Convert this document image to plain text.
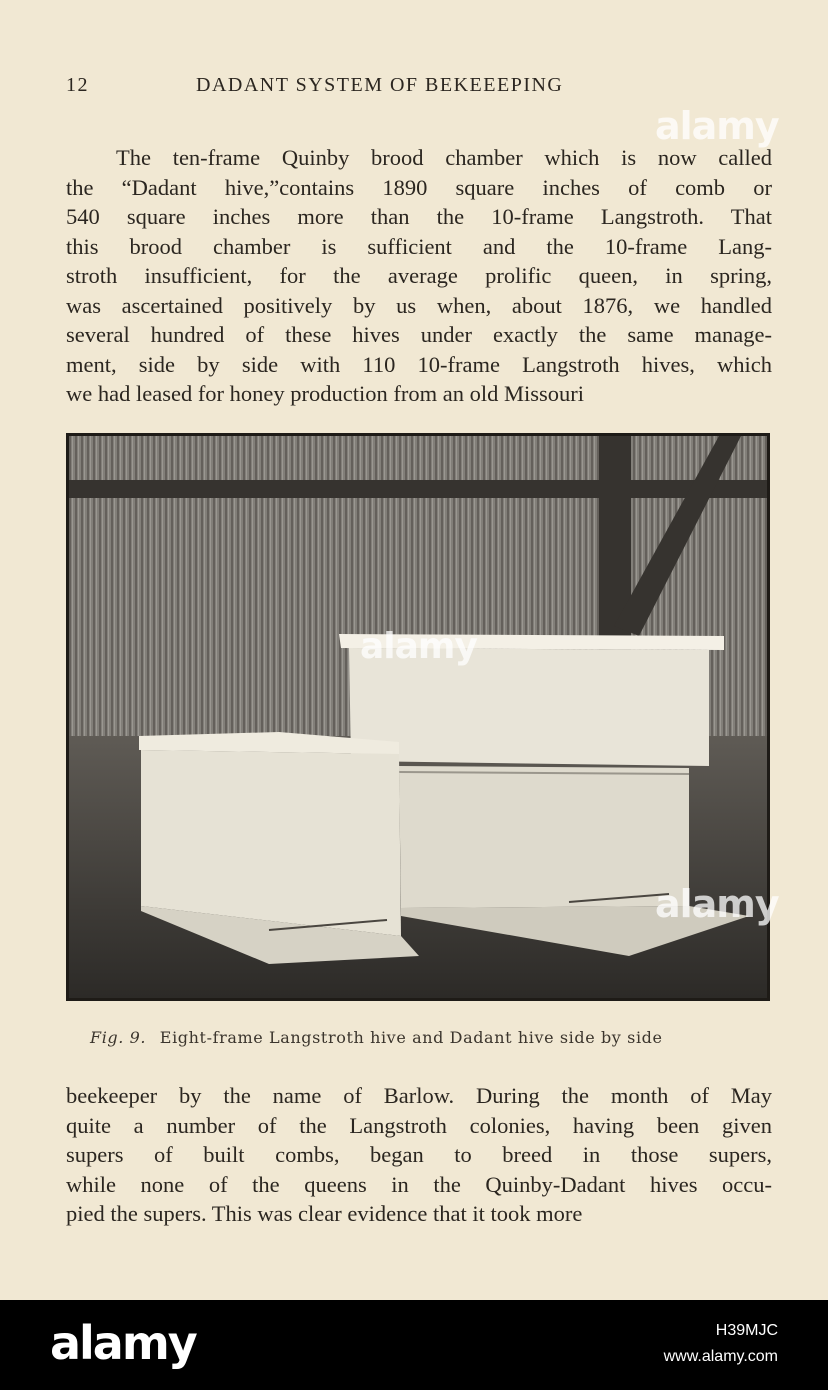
12	DADANT SYSTEM OF BEKEEEPING
The ten-frame Quinby brood chamber which is now called
the “Dadant hive,”contains 1890 square inches of comb or
540 square inches more than the 10-frame Langstroth. That
this brood chamber is sufficient and the 10-frame Lang-
stroth insufficient, for the average prolific queen, in spring,
was ascertained positively by us when, about 1876, we handled
several hundred of these hives under exactly the same manage-
ment, side by side with 110 10-frame Langstroth hives, which
we had leased for honey production from an old Missouri
Fig. 9. Eight-frame Langstroth hive and Dadant hive side by side
beekeeper by the name of Barlow. During the month of May
quite a number of the Langstroth colonies, having been given
supers of built combs, began to breed in those supers,
while none of the queens in the Quinby-Dadant hives occu-
pied the supers. This was clear evidence that it took more
alamy
alamy
alamy
alamy	H39MJC
www.alamy.com
